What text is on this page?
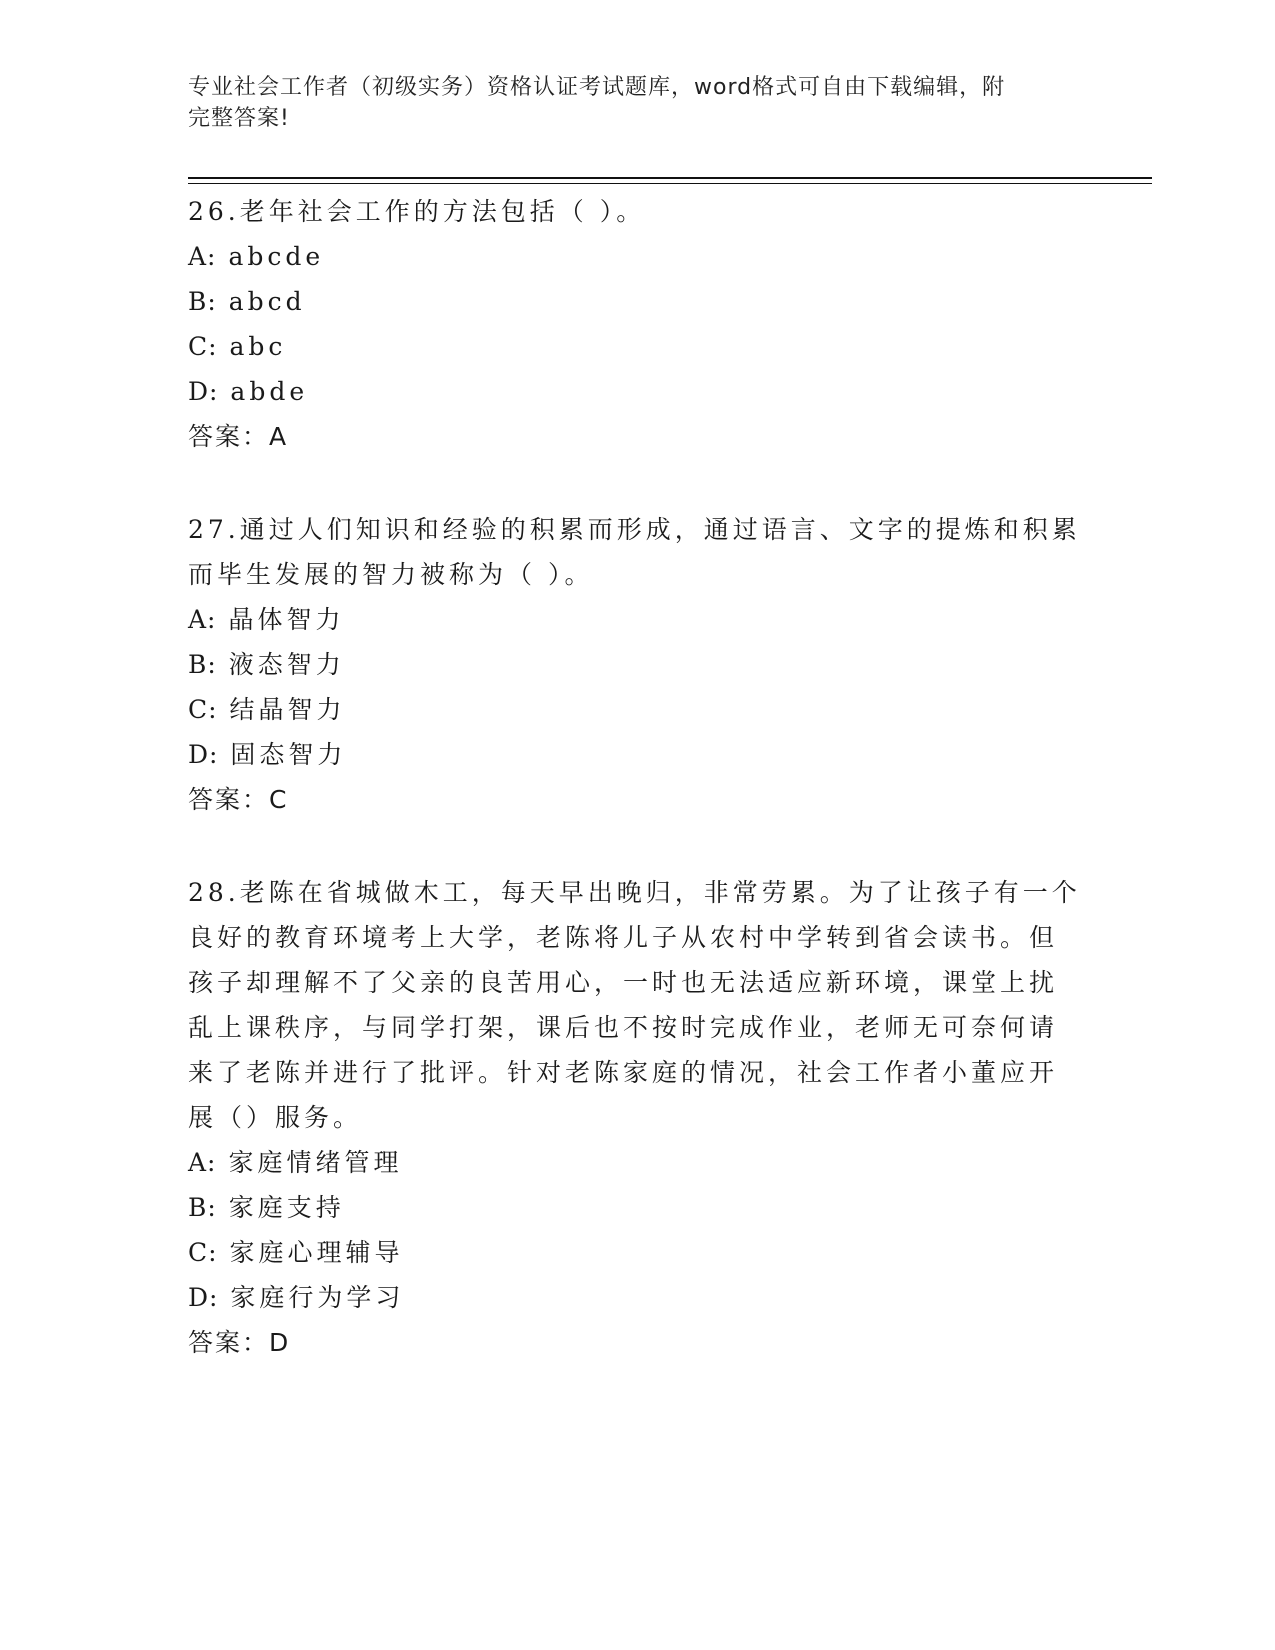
专业社会工作者（初级实务）资格认证考试题库，word格式可自由下载编辑，附
完整答案!

26.老年社会工作的方法包括（ ）。

A: abcde

B: abcd

C: abc

D: abde

答案：A

27.通过人们知识和经验的积累而形成，通过语言、文字的提炼和积累

而毕生发展的智力被称为（ ）。

A: 晶体智力

B: 液态智力

C: 结晶智力

D: 固态智力

答案：C

28.老陈在省城做木工，每天早出晚归，非常劳累。为了让孩子有一个

良好的教育环境考上大学，老陈将儿子从农村中学转到省会读书。但

孩子却理解不了父亲的良苦用心，一时也无法适应新环境，课堂上扰

乱上课秩序，与同学打架，课后也不按时完成作业，老师无可奈何请

来了老陈并进行了批评。针对老陈家庭的情况，社会工作者小董应开

展（）服务。

A: 家庭情绪管理

B: 家庭支持

C: 家庭心理辅导

D: 家庭行为学习

答案：D
